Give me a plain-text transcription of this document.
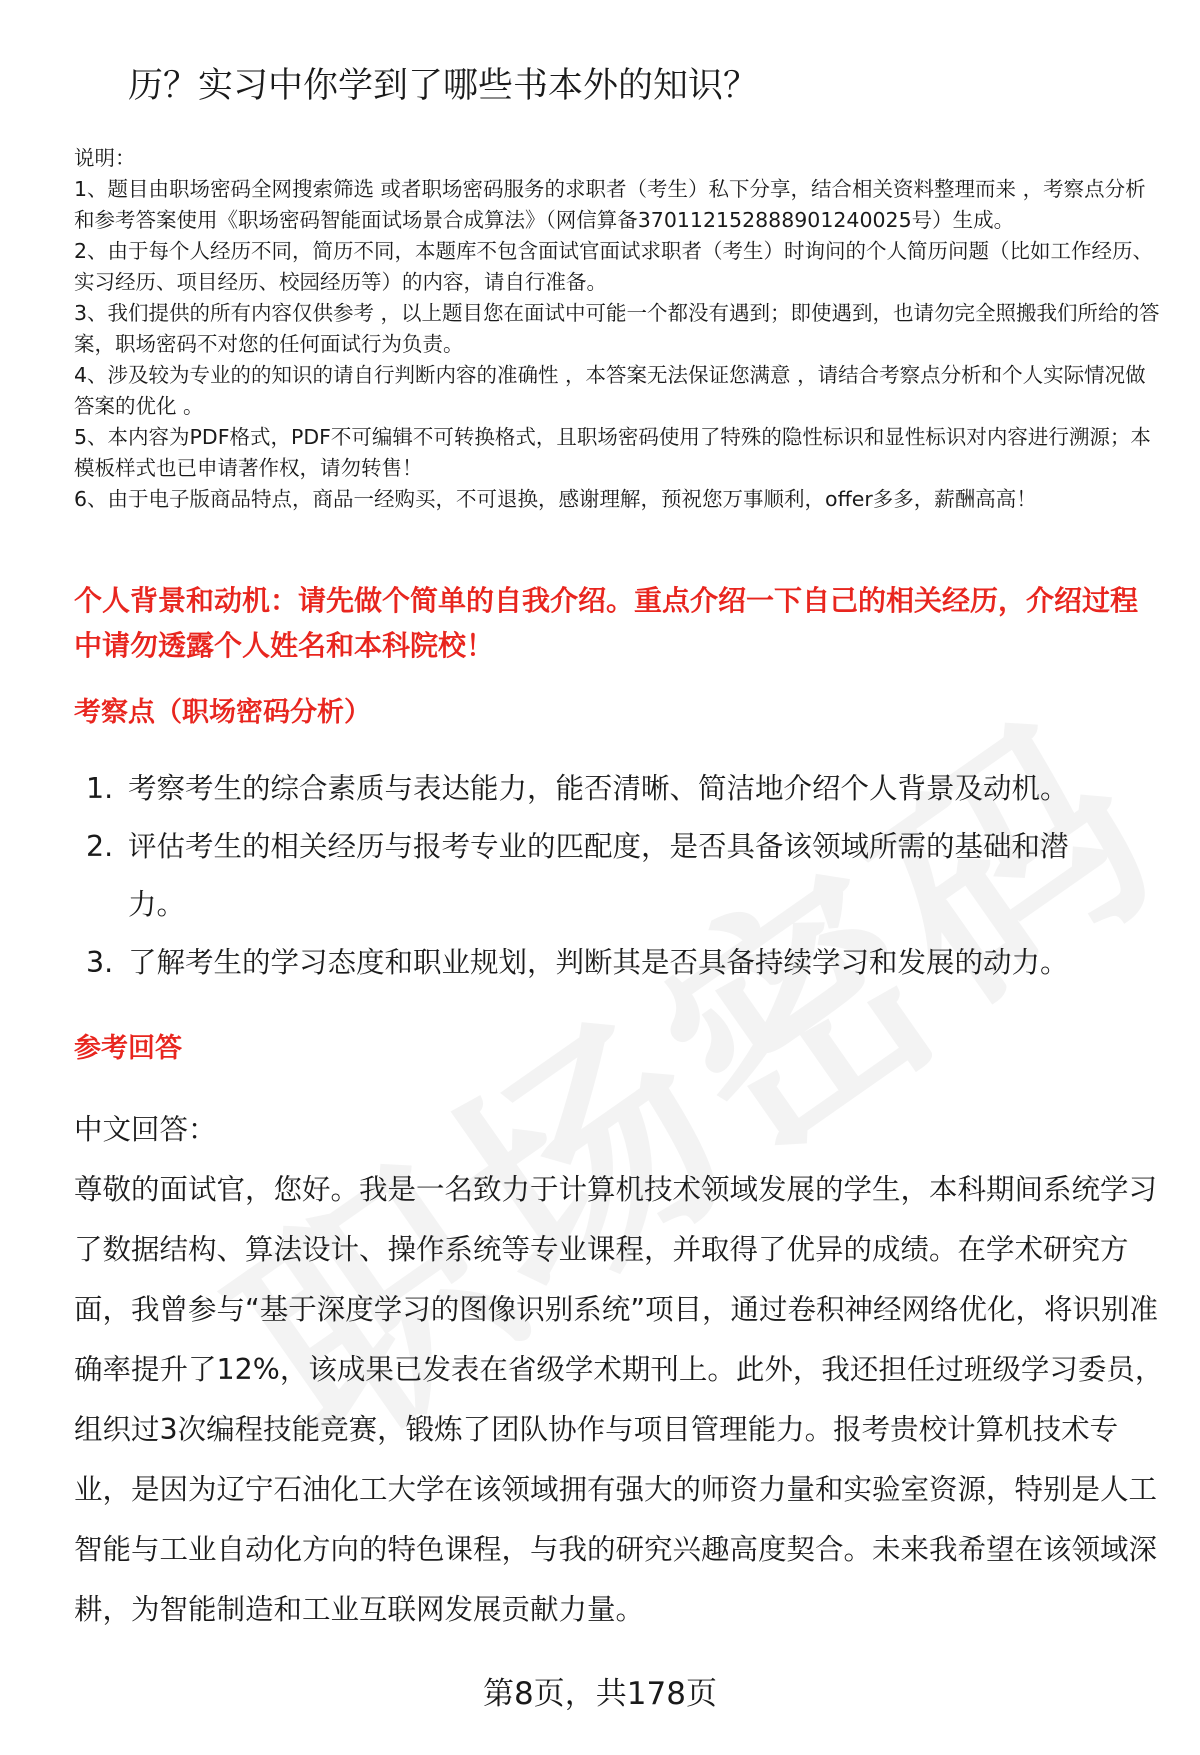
历？实习中你学到了哪些书本外的知识？

说明：

1、题目由职场密码全网搜索筛选 或者职场密码服务的求职者（考生）私下分享，结合相关资料整理而来 ，考察点分析和参考答案使用《职场密码智能面试场景合成算法》（网信算备370112152888901240025号）生成。

2、由于每个人经历不同，简历不同，本题库不包含面试官面试求职者（考生）时询问的个人简历问题（比如工作经历、实习经历、项目经历、校园经历等）的内容，请自行准备。

3、我们提供的所有内容仅供参考 ，以上题目您在面试中可能一个都没有遇到；即使遇到，也请勿完全照搬我们所给的答案，职场密码不对您的任何面试行为负责。

4、涉及较为专业的的知识的请自行判断内容的准确性 ，本答案无法保证您满意 ，请结合考察点分析和个人实际情况做答案的优化 。

5、本内容为PDF格式，PDF不可编辑不可转换格式，且职场密码使用了特殊的隐性标识和显性标识对内容进行溯源；本模板样式也已申请著作权，请勿转售！

6、由于电子版商品特点，商品一经购买，不可退换，感谢理解，预祝您万事顺利，offer多多，薪酬高高！

个人背景和动机：请先做个简单的自我介绍。重点介绍一下自己的相关经历，介绍过程中请勿透露个人姓名和本科院校！
考察点（职场密码分析）
1. 考察考生的综合素质与表达能力，能否清晰、简洁地介绍个人背景及动机。
2. 评估考生的相关经历与报考专业的匹配度，是否具备该领域所需的基础和潜力。
3. 了解考生的学习态度和职业规划，判断其是否具备持续学习和发展的动力。
参考回答

中文回答：

尊敬的面试官，您好。我是一名致力于计算机技术领域发展的学生，本科期间系统学习了数据结构、算法设计、操作系统等专业课程，并取得了优异的成绩。在学术研究方面，我曾参与“基于深度学习的图像识别系统”项目，通过卷积神经网络优化，将识别准确率提升了12%，该成果已发表在省级学术期刊上。此外，我还担任过班级学习委员，组织过3次编程技能竞赛，锻炼了团队协作与项目管理能力。报考贵校计算机技术专业，是因为辽宁石油化工大学在该领域拥有强大的师资力量和实验室资源，特别是人工智能与工业自动化方向的特色课程，与我的研究兴趣高度契合。未来我希望在该领域深耕，为智能制造和工业互联网发展贡献力量。

第8页，共178页
